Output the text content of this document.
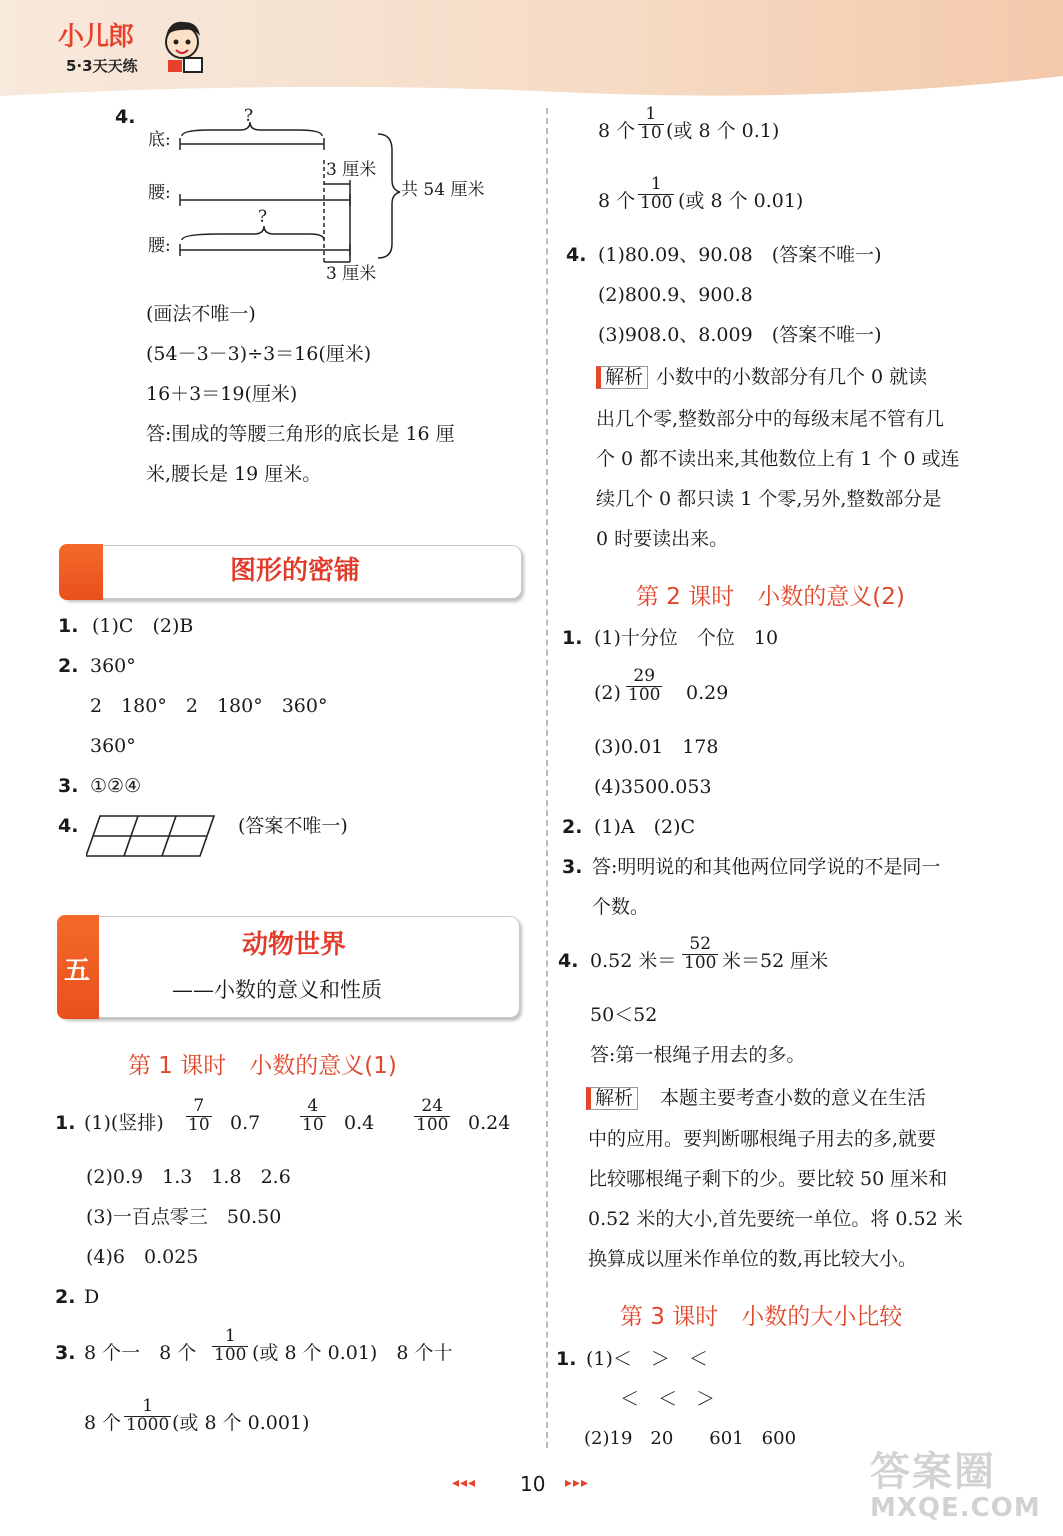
小儿郎
5·3天天练
4.
底:
腰:
腰:
?
?
3 厘米
3 厘米
共 54 厘米
(画法不唯一)
(54－3－3)÷3＝16(厘米)
16＋3＝19(厘米)
答:围成的等腰三角形的底长是 16 厘
米,腰长是 19 厘米。
图形的密铺
1. (1)C　(2)B
2. 360°
2　180°　2　180°　360°
360°
3. ①②④
4.	(答案不唯一)
五
动物世界
——小数的意义和性质
第 1 课时　小数的意义(1)
1. (1)(竖排) $\frac{7}{10} 0.7 \frac{4}{10} 0.4 \frac{24}{100} 0.24$
(2)0.9　1.3　1.8　2.6
(3)一百点零三　50.50
(4)6　0.025
2. D
3. 8 个一　8 个 $\frac{1}{100}$ (或 8 个 0.01)　8 个十
8 个 $\frac{1}{1000}$ (或 8 个 0.001)
8 个 $\frac{1}{10}$ (或 8 个 0.1)
8 个 $\frac{1}{100}$ (或 8 个 0.01)
4. (1)80.09、90.08　(答案不唯一)
(2)800.9、900.8
(3)908.0、8.009　(答案不唯一)
解析 小数中的小数部分有几个 0 就读
出几个零,整数部分中的每级末尾不管有几
个 0 都不读出来,其他数位上有 1 个 0 或连
续几个 0 都只读 1 个零,另外,整数部分是
0 时要读出来。
第 2 课时　小数的意义(2)
1. (1)十分位　个位　10
$(2) \frac{29}{100} 0.29$
(3)0.01　178
(4)3500.053
2. (1)A　(2)C
3. 答:明明说的和其他两位同学说的不是同一
个数。
4. 0.52 米＝ $\frac{52}{100}$ 米＝52 厘米
50＜52
答:第一根绳子用去的多。
解析 本题主要考查小数的意义在生活
中的应用。要判断哪根绳子用去的多,就要
比较哪根绳子剩下的少。要比较 50 厘米和
0.52 米的大小,首先要统一单位。将 0.52 米
换算成以厘米作单位的数,再比较大小。
第 3 课时　小数的大小比较
1. (1)＜　＞　＜
＜　＜　＞
(2)19　20　　601　600
◂◂◂ 10 ▸▸▸	答案圈
MXQE.COM
